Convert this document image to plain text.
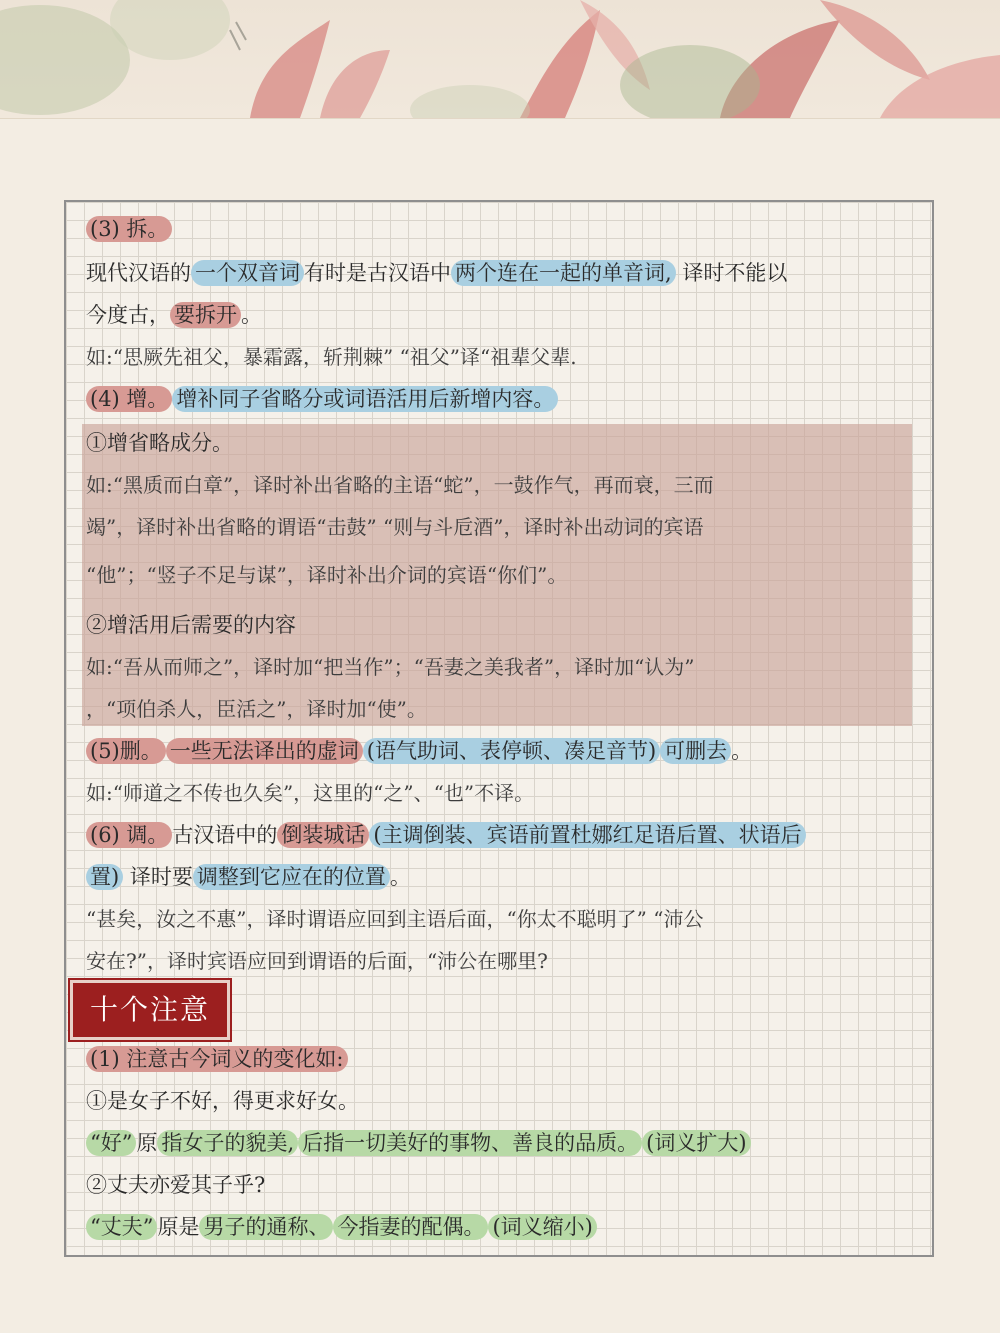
(3) 拆。
现代汉语的 一个双音词 有时是古汉语中 两个连在一起的单音词, 译时不能以
今度古， 要拆开 。
如:“思厥先祖父，暴霜露，斩荆棘” “祖父”译“祖辈父辈.
(4) 增。 增补同子省略分或词语活用后新增内容。
①增省略成分。
如:“黑质而白章”，译时补出省略的主语“蛇”，一鼓作气，再而衰，三而
竭”，译时补出省略的谓语“击鼓” “则与斗卮酒”，译时补出动词的宾语
“他”；“竖子不足与谋”，译时补出介词的宾语“你们”。
②增活用后需要的内容
如:“吾从而师之”，译时加“把当作”；“吾妻之美我者”，译时加“认为”
，“项伯杀人，臣活之”，译时加“使”。
(5)删。 一些无法译出的虚词 (语气助词、表停顿、凑足音节) 可删去 。
如:“师道之不传也久矣”，这里的“之”、“也”不译。
(6) 调。 古汉语中的 倒装城话 (主调倒装、宾语前置杜娜红足语后置、状语后
置) 译时要 调整到它应在的位置 。
“甚矣，汝之不惠”，译时谓语应回到主语后面，“你太不聪明了” “沛公
安在?”，译时宾语应回到谓语的后面，“沛公在哪里?
十个注意
(1) 注意古今词义的变化如:
①是女子不好，得更求好女。
“好” 原 指女子的貌美, 后指一切美好的事物、善良的品质。 (词义扩大)
②丈夫亦爱其子乎?
“丈夫” 原是 男子的通称、 今指妻的配偶。 (词义缩小)
